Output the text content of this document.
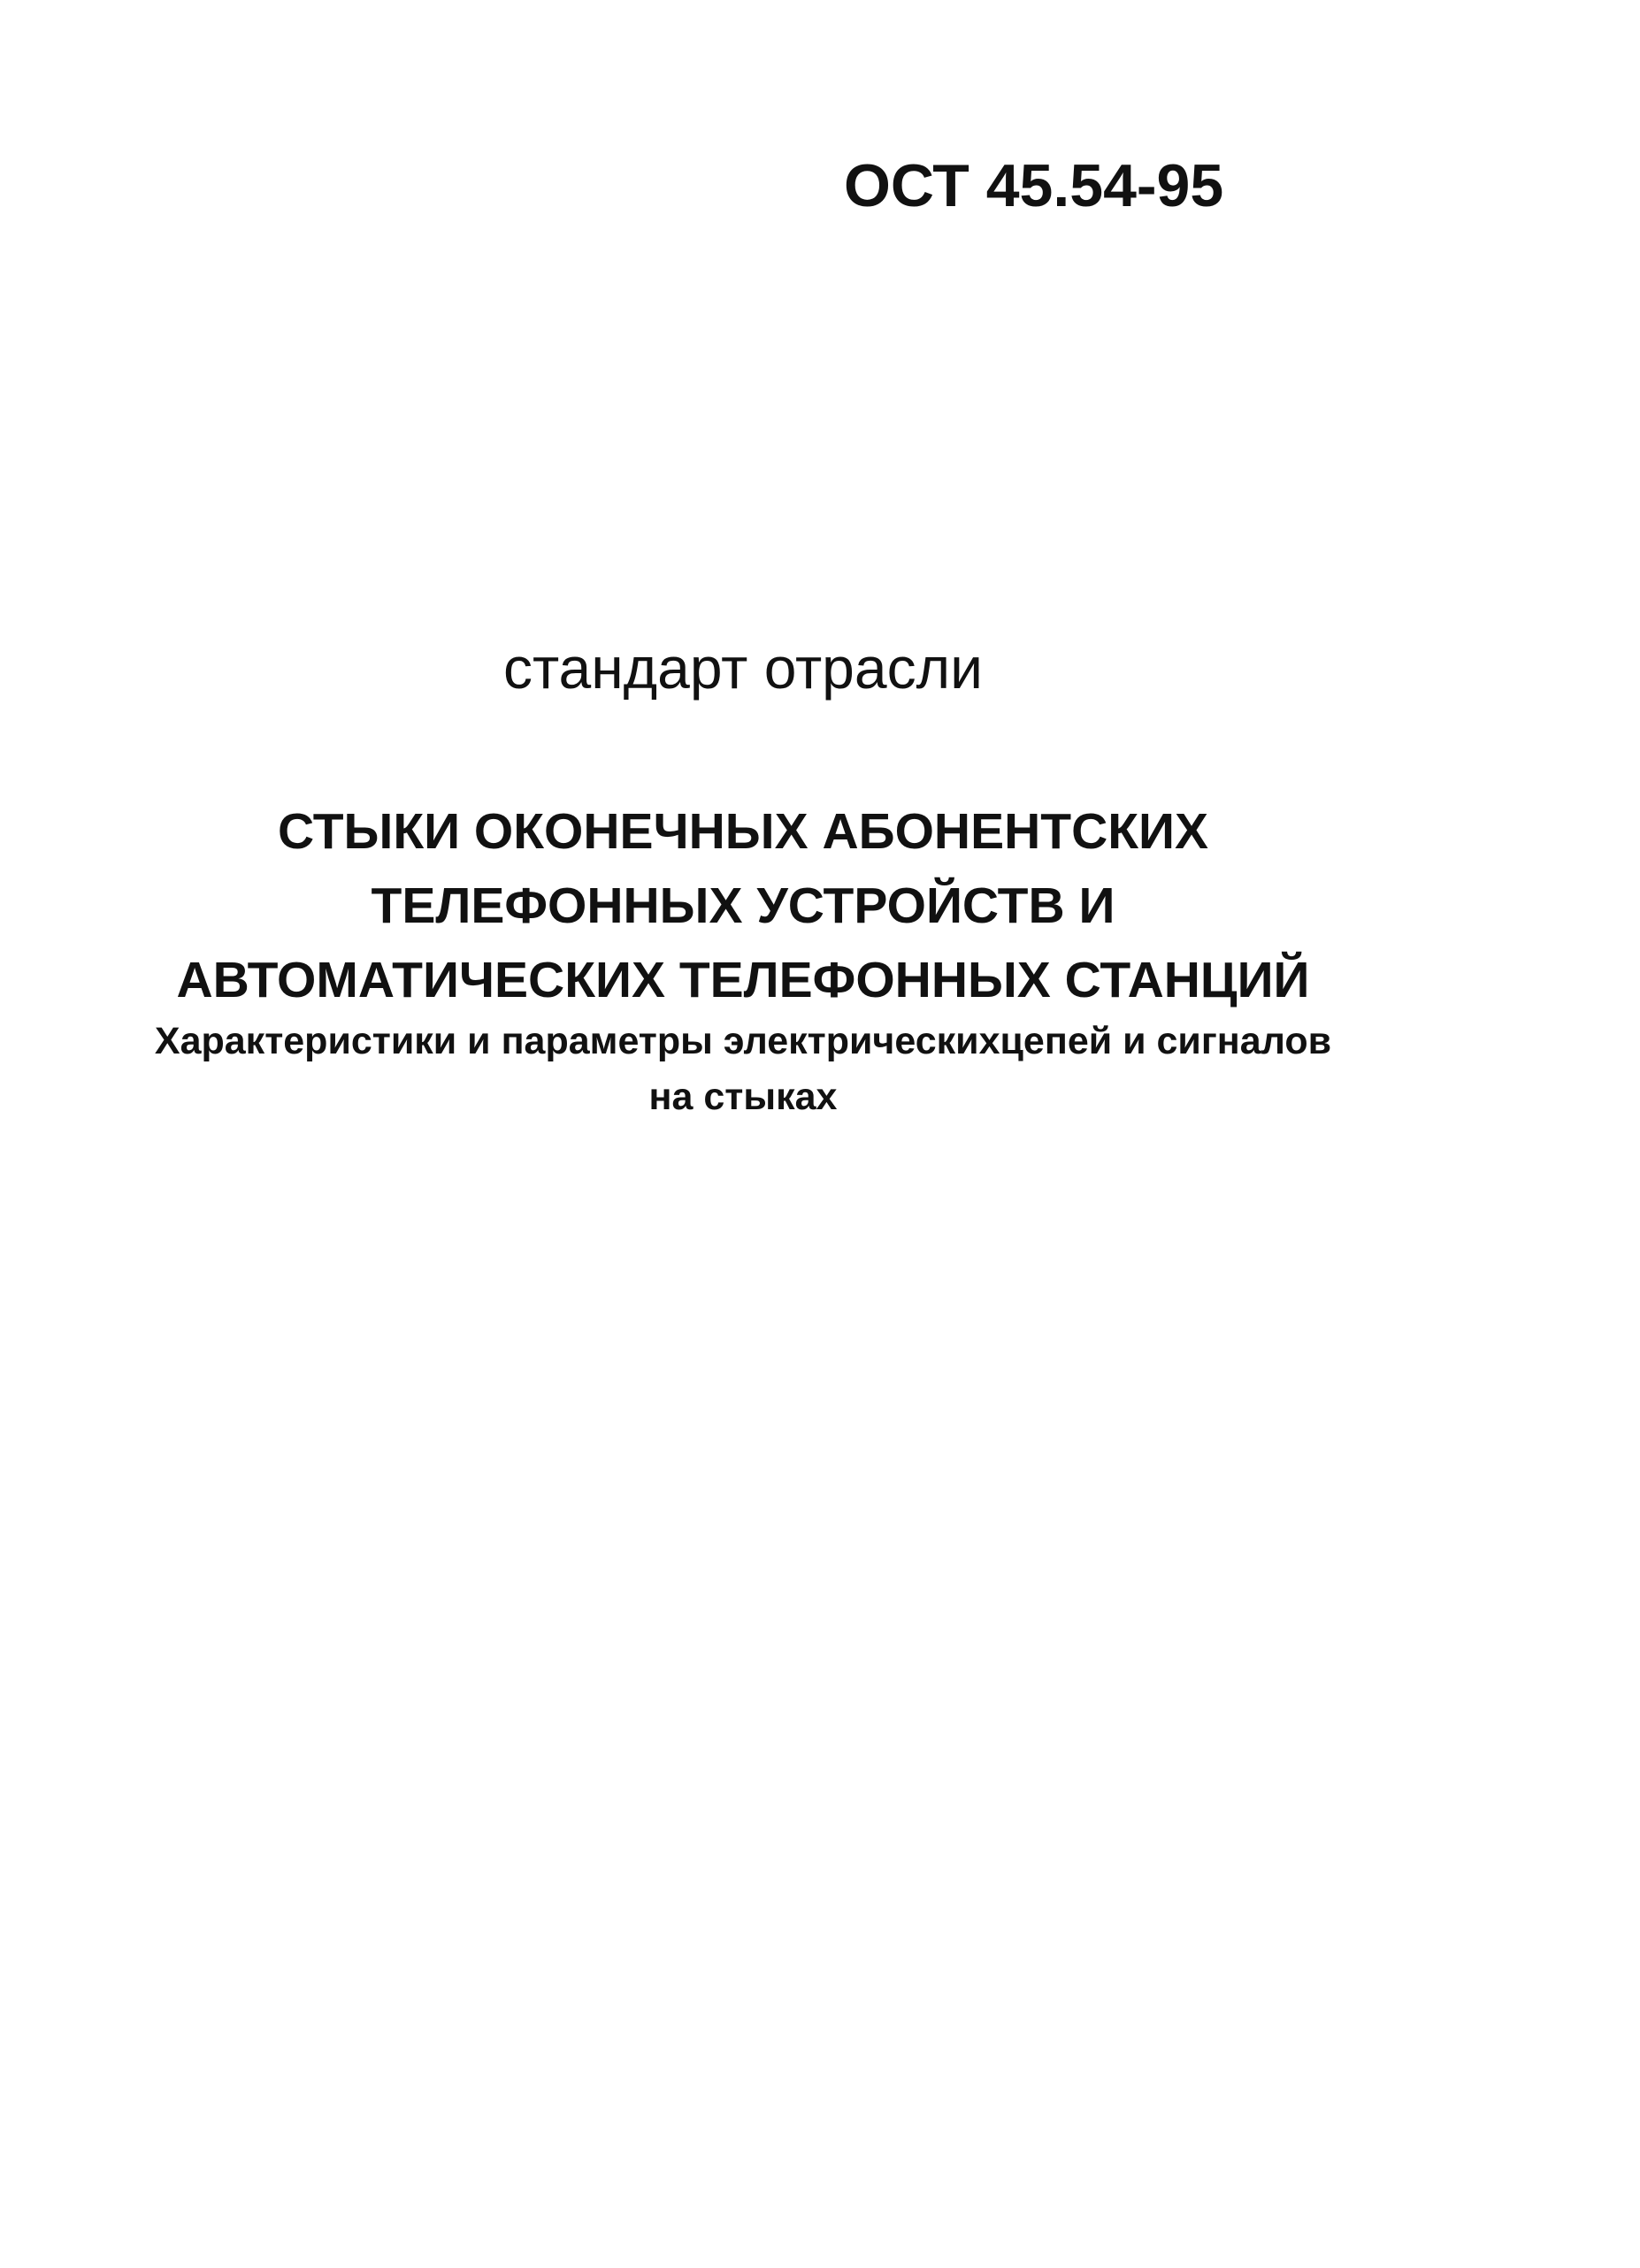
ОСТ 45.54-95
стандарт отрасли
СТЫКИ ОКОНЕЧНЫХ АБОНЕНТСКИХ
ТЕЛЕФОННЫХ УСТРОЙСТВ И
АВТОМАТИЧЕСКИХ ТЕЛЕФОННЫХ СТАНЦИЙ
Характеристики и параметры электрическихцепей и сигналов
на стыках
